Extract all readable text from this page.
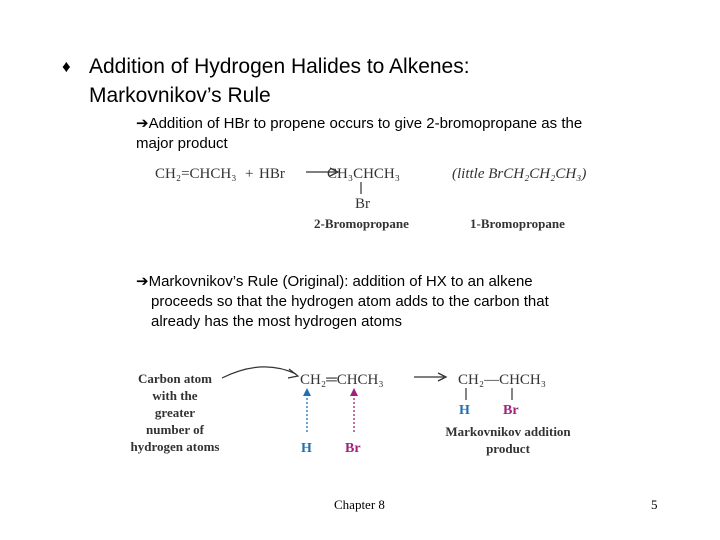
♦ Addition of Hydrogen Halides to Alkenes:
Markovnikov’s Rule
➔Addition of HBr to propene occurs to give 2-bromopropane as the
major product
CH₂=CHCH₃ + HBr	CH₃CHCH₃
Br
(little BrCH₂CH₂CH₃)
2-Bromopropane	1-Bromopropane
➔Markovnikov’s Rule (Original): addition of HX to an alkene
proceeds so that the hydrogen atom adds to the carbon that
already has the most hydrogen atoms
Carbon atom
with the
greater
number of
hydrogen atoms
CH₂═CHCH₃
H Br
CH₂—CHCH₃
H Br
Markovnikov addition
product
Chapter 8	5
